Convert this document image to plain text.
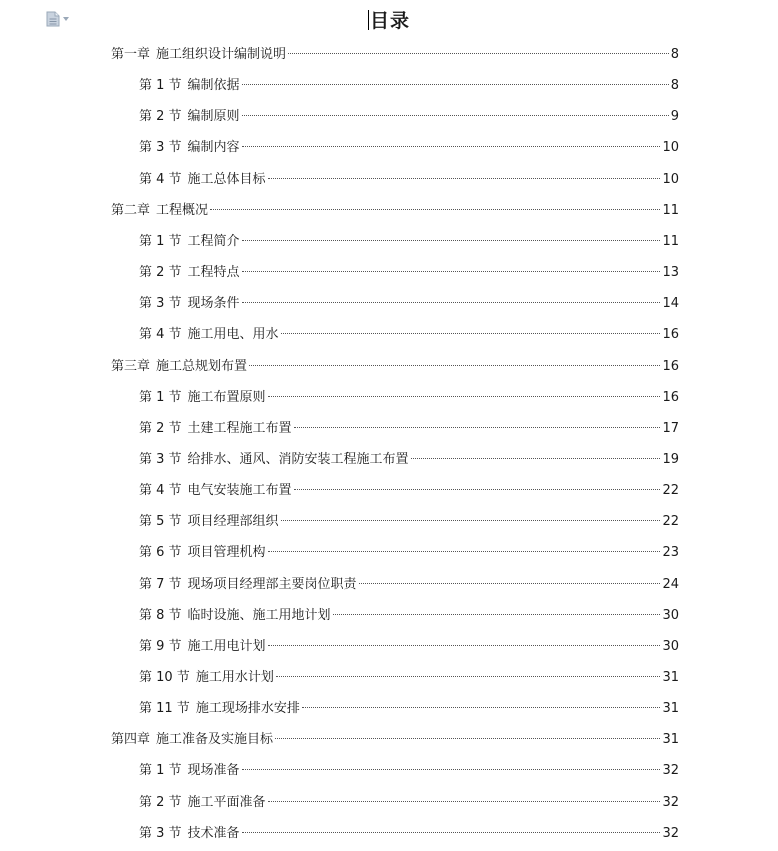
目录
第一章 施工组织设计编制说明	8
第 1 节 编制依据	8
第 2 节 编制原则	9
第 3 节 编制内容	10
第 4 节 施工总体目标	10
第二章 工程概况	11
第 1 节 工程简介	11
第 2 节 工程特点	13
第 3 节 现场条件	14
第 4 节 施工用电、用水	16
第三章 施工总规划布置	16
第 1 节 施工布置原则	16
第 2 节 土建工程施工布置	17
第 3 节 给排水、通风、消防安装工程施工布置	19
第 4 节 电气安装施工布置	22
第 5 节 项目经理部组织	22
第 6 节 项目管理机构	23
第 7 节 现场项目经理部主要岗位职责	24
第 8 节 临时设施、施工用地计划	30
第 9 节 施工用电计划	30
第 10 节 施工用水计划	31
第 11 节 施工现场排水安排	31
第四章 施工准备及实施目标	31
第 1 节 现场准备	32
第 2 节 施工平面准备	32
第 3 节 技术准备	32
